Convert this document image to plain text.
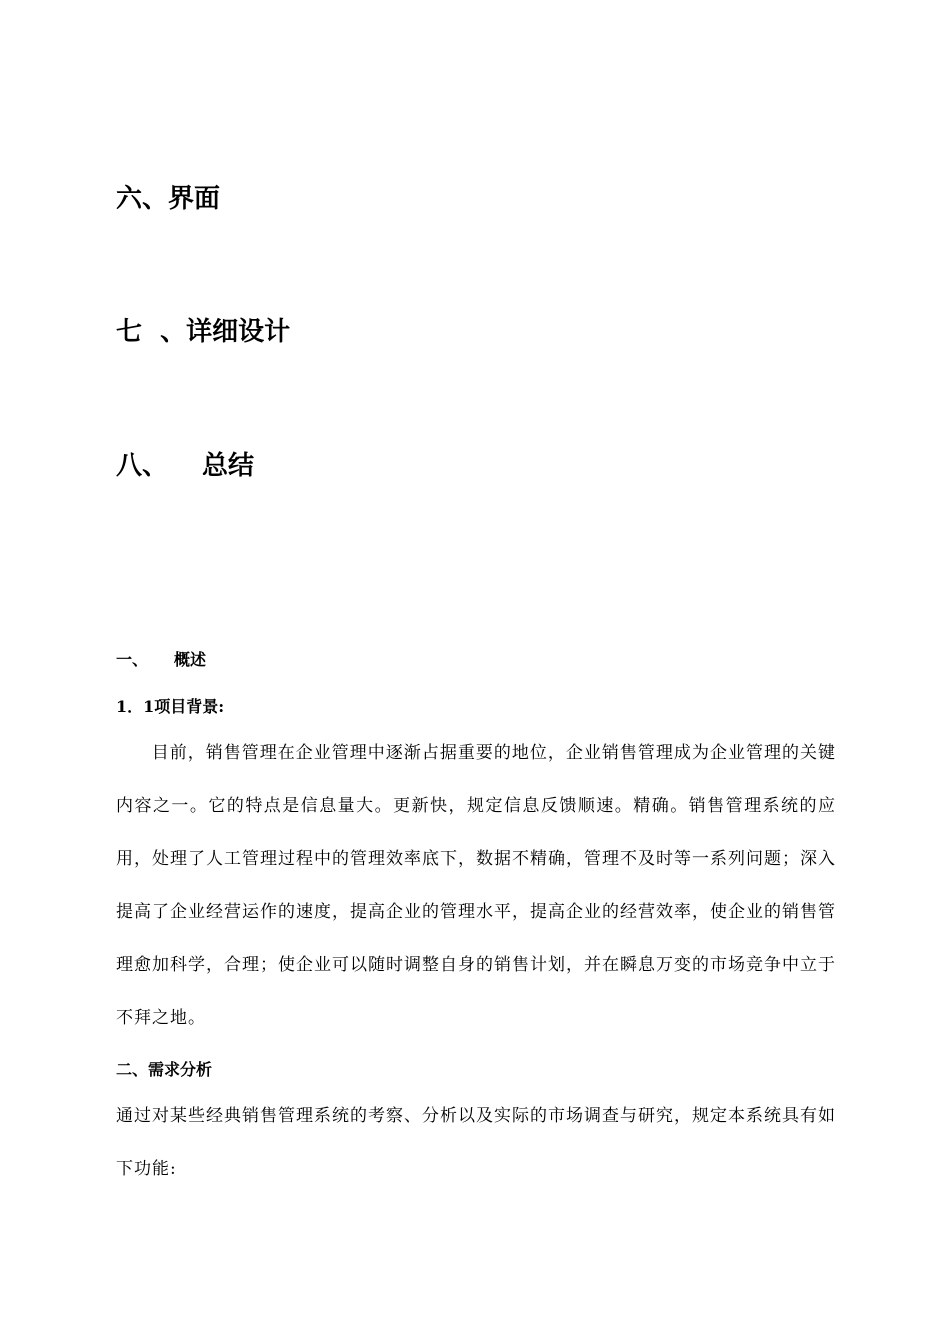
六、界面
七  、详细设计
八、 总结
一、 概述
1．1项目背景:
目前，销售管理在企业管理中逐渐占据重要的地位，企业销售管理成为企业管理的关键内容之一。它的特点是信息量大。更新快，规定信息反馈顺速。精确。销售管理系统的应用，处理了人工管理过程中的管理效率底下，数据不精确，管理不及时等一系列问题；深入提高了企业经营运作的速度，提高企业的管理水平，提高企业的经营效率，使企业的销售管理愈加科学，合理；使企业可以随时调整自身的销售计划，并在瞬息万变的市场竞争中立于不拜之地。
二、需求分析
通过对某些经典销售管理系统的考察、分析以及实际的市场调查与研究，规定本系统具有如下功能:
